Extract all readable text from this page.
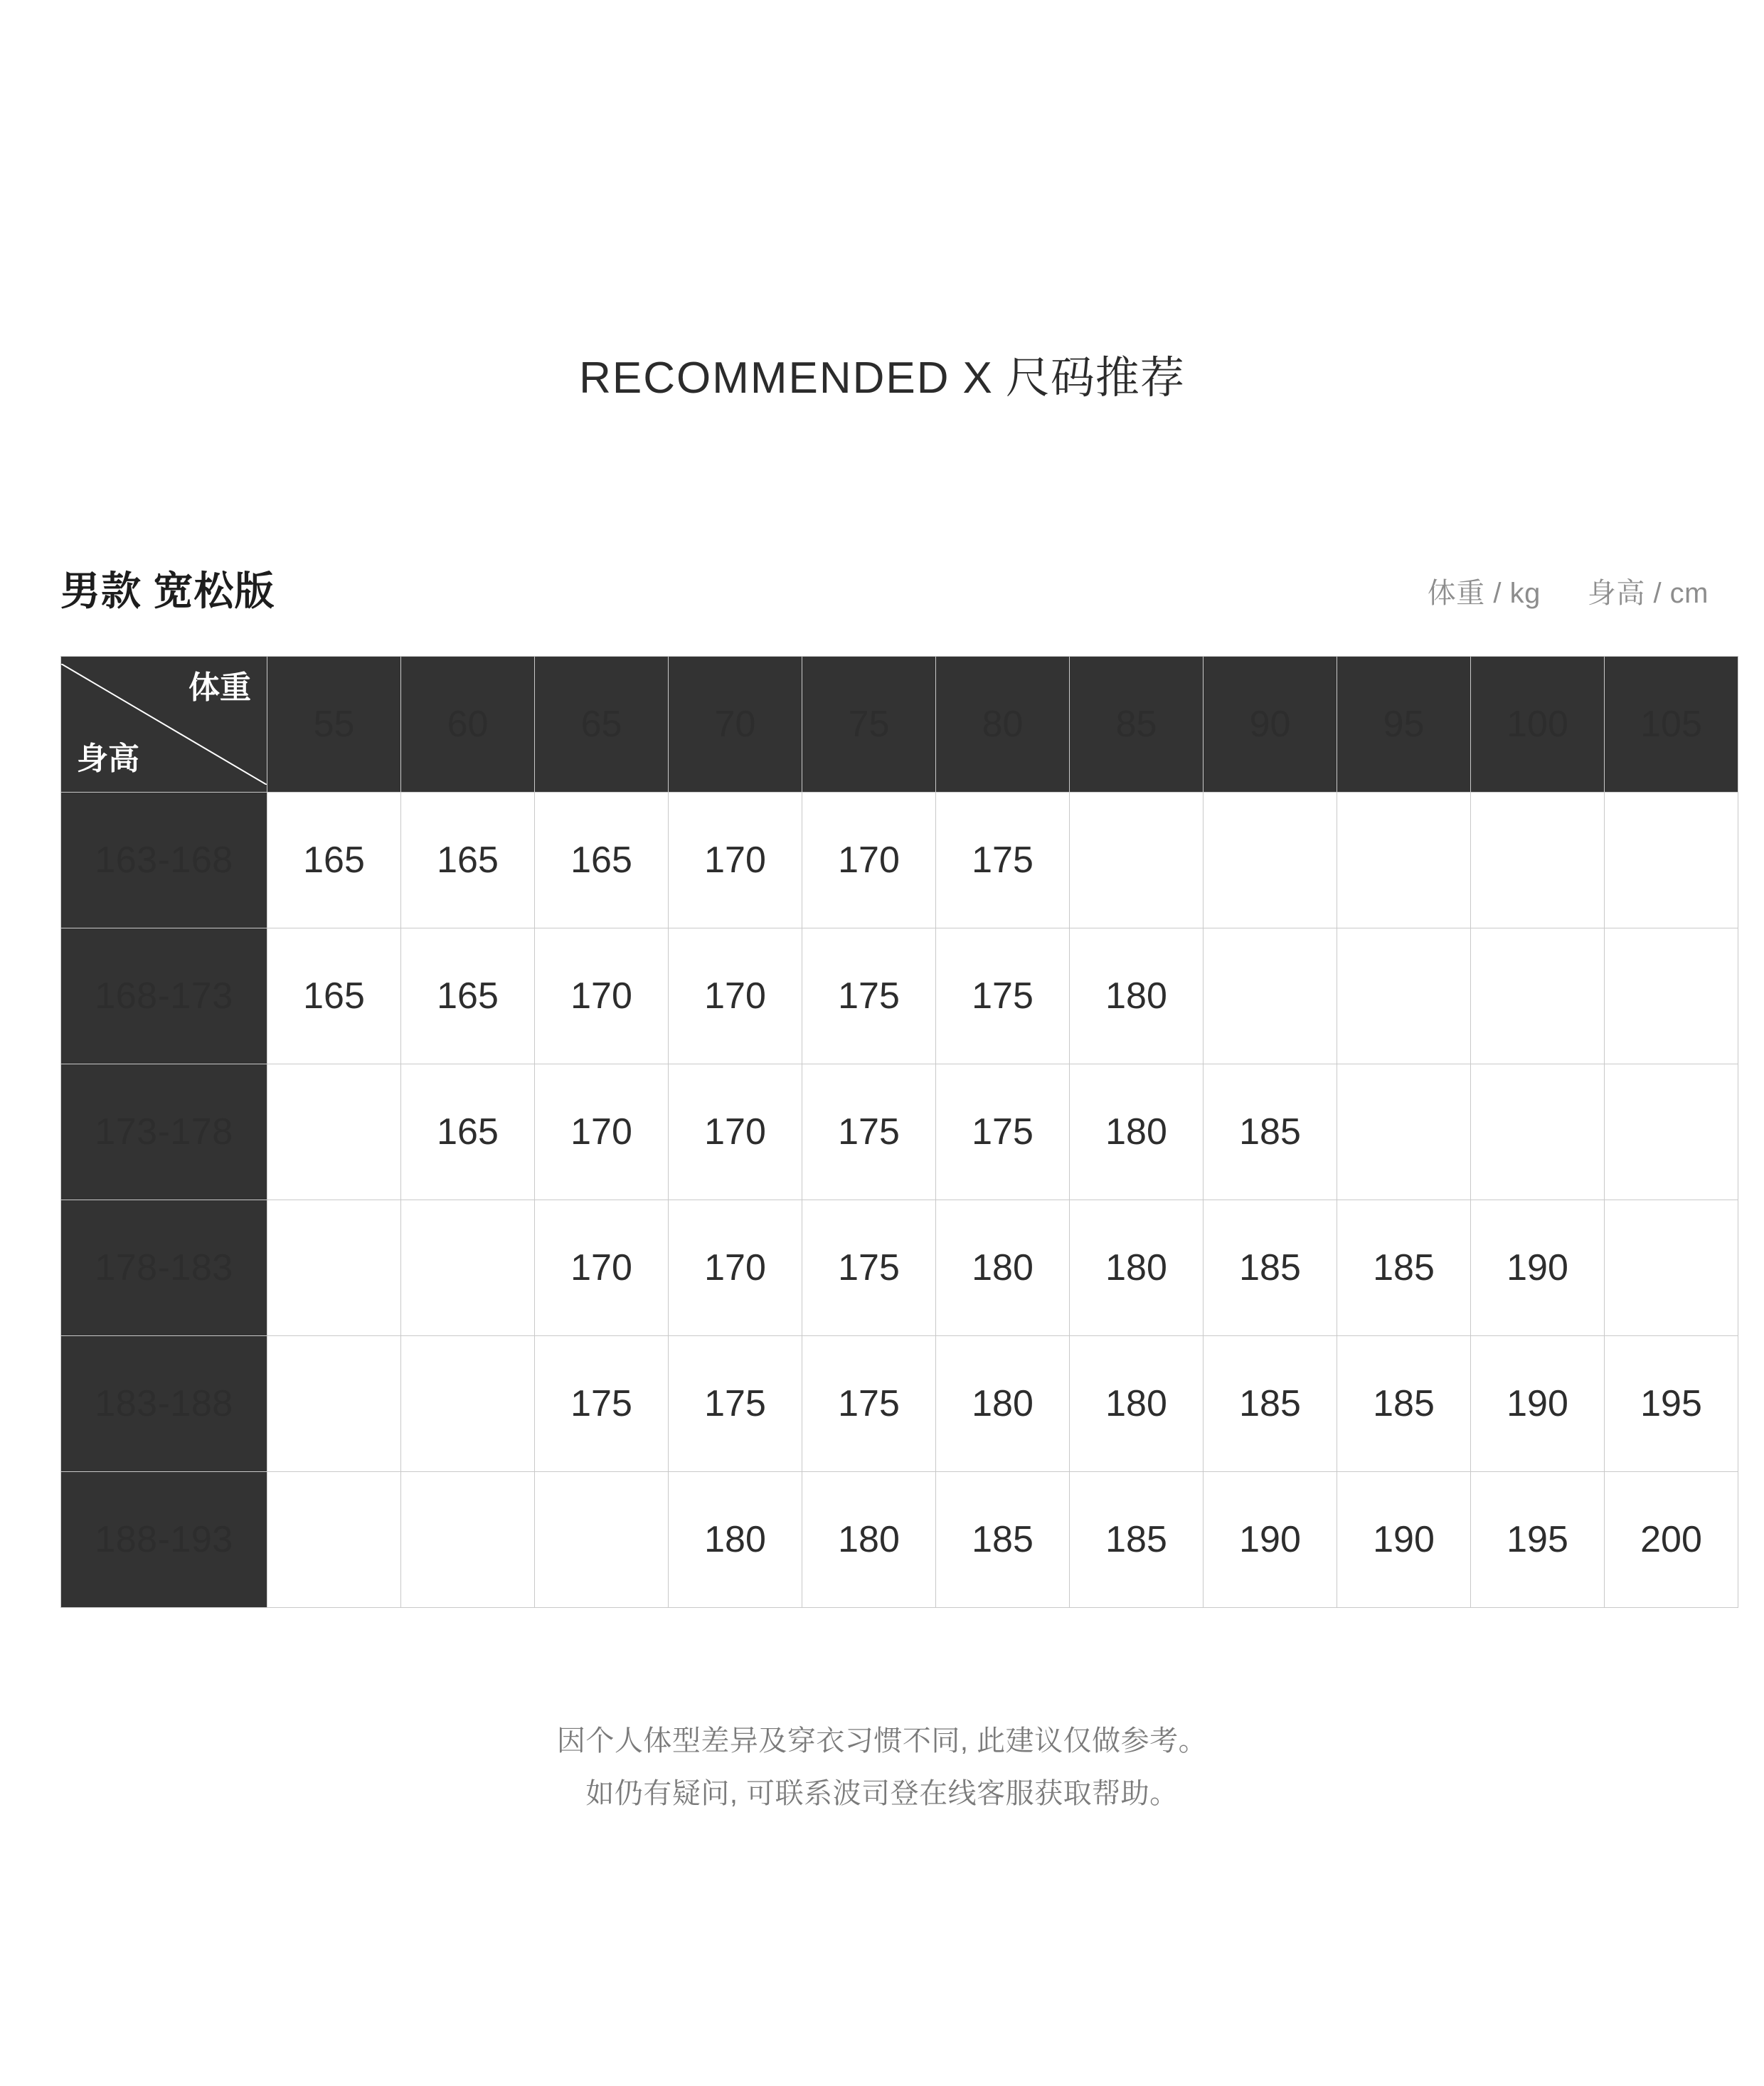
RECOMMENDED X 尺码推荐
男款 宽松版	体重 / kg 身高 / cm
体重
身高	55	60	65	70	75	80	85	90	95	100	105
163-168	165	165	165	170	170	175					
168-173	165	165	170	170	175	175	180				
173-178		165	170	170	175	175	180	185			
178-183			170	170	175	180	180	185	185	190	
183-188			175	175	175	180	180	185	185	190	195
188-193				180	180	185	185	190	190	195	200
因个人体型差异及穿衣习惯不同, 此建议仅做参考。
如仍有疑问, 可联系波司登在线客服获取帮助。
